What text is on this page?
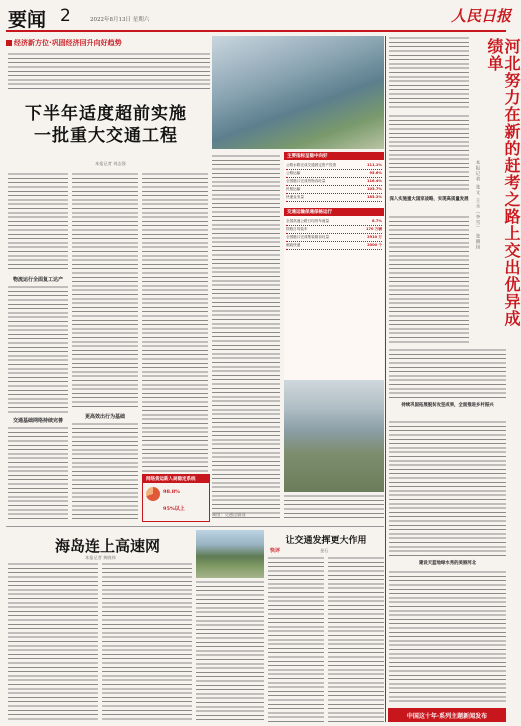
要闻 2	2022年8月13日 星期六	人民日报
经济新方位·巩固经济回升向好趋势
下半年适度超前实施
一批重大交通工程
本报记者 刘志强
物流运行全面复工达产
交通基础网络持续完善
更高效出行为基础
网络货运新入局稳定系统
98.8%
95%以上
主要指标呈稳中向好
公路水路完成交通固定资产投资	111.1%
公路运输	95.6%
全国港口完成货物吞吐量	116.4%
民航运输	103.7%
快递业务量	185.2%
交通运输保通保畅运行
全国高速公路日均货车流量	6.7%
铁路日均装车	170 万辆
全国港口完成集装箱吞吐量	2910 万
邮政快递	2000 个
制图：交通运输部
海岛连上高速网
本报记者 黄晓伟
让交通发挥更大作用
快评	金石
河北努力在新的赶考之路上交出优异成绩单
本报记者 张文 王永（李雪） 张腾扬
深入实施重大国家战略，实现高质量发展
持续巩固拓展脱贫攻坚成果，全面推进乡村振兴
建设天蓝地绿水秀的美丽河北
中国这十年·系列主题新闻发布
